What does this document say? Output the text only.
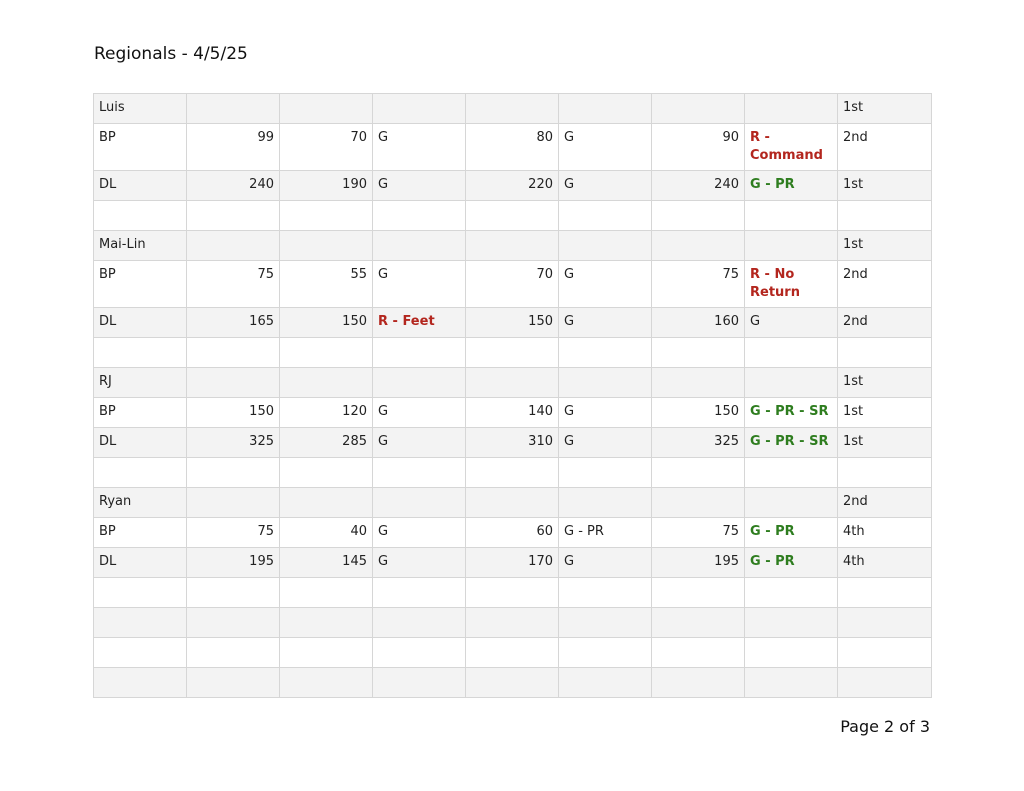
Regionals - 4/5/25
Luis								1st
BP	99	70	G	80	G	90	R - Command	2nd
DL	240	190	G	220	G	240	G - PR	1st

Mai-Lin								1st
BP	75	55	G	70	G	75	R - No Return	2nd
DL	165	150	R - Feet	150	G	160	G	2nd

RJ								1st
BP	150	120	G	140	G	150	G - PR - SR	1st
DL	325	285	G	310	G	325	G - PR - SR	1st

Ryan								2nd
BP	75	40	G	60	G - PR	75	G - PR	4th
DL	195	145	G	170	G	195	G - PR	4th

Page 2 of 3
